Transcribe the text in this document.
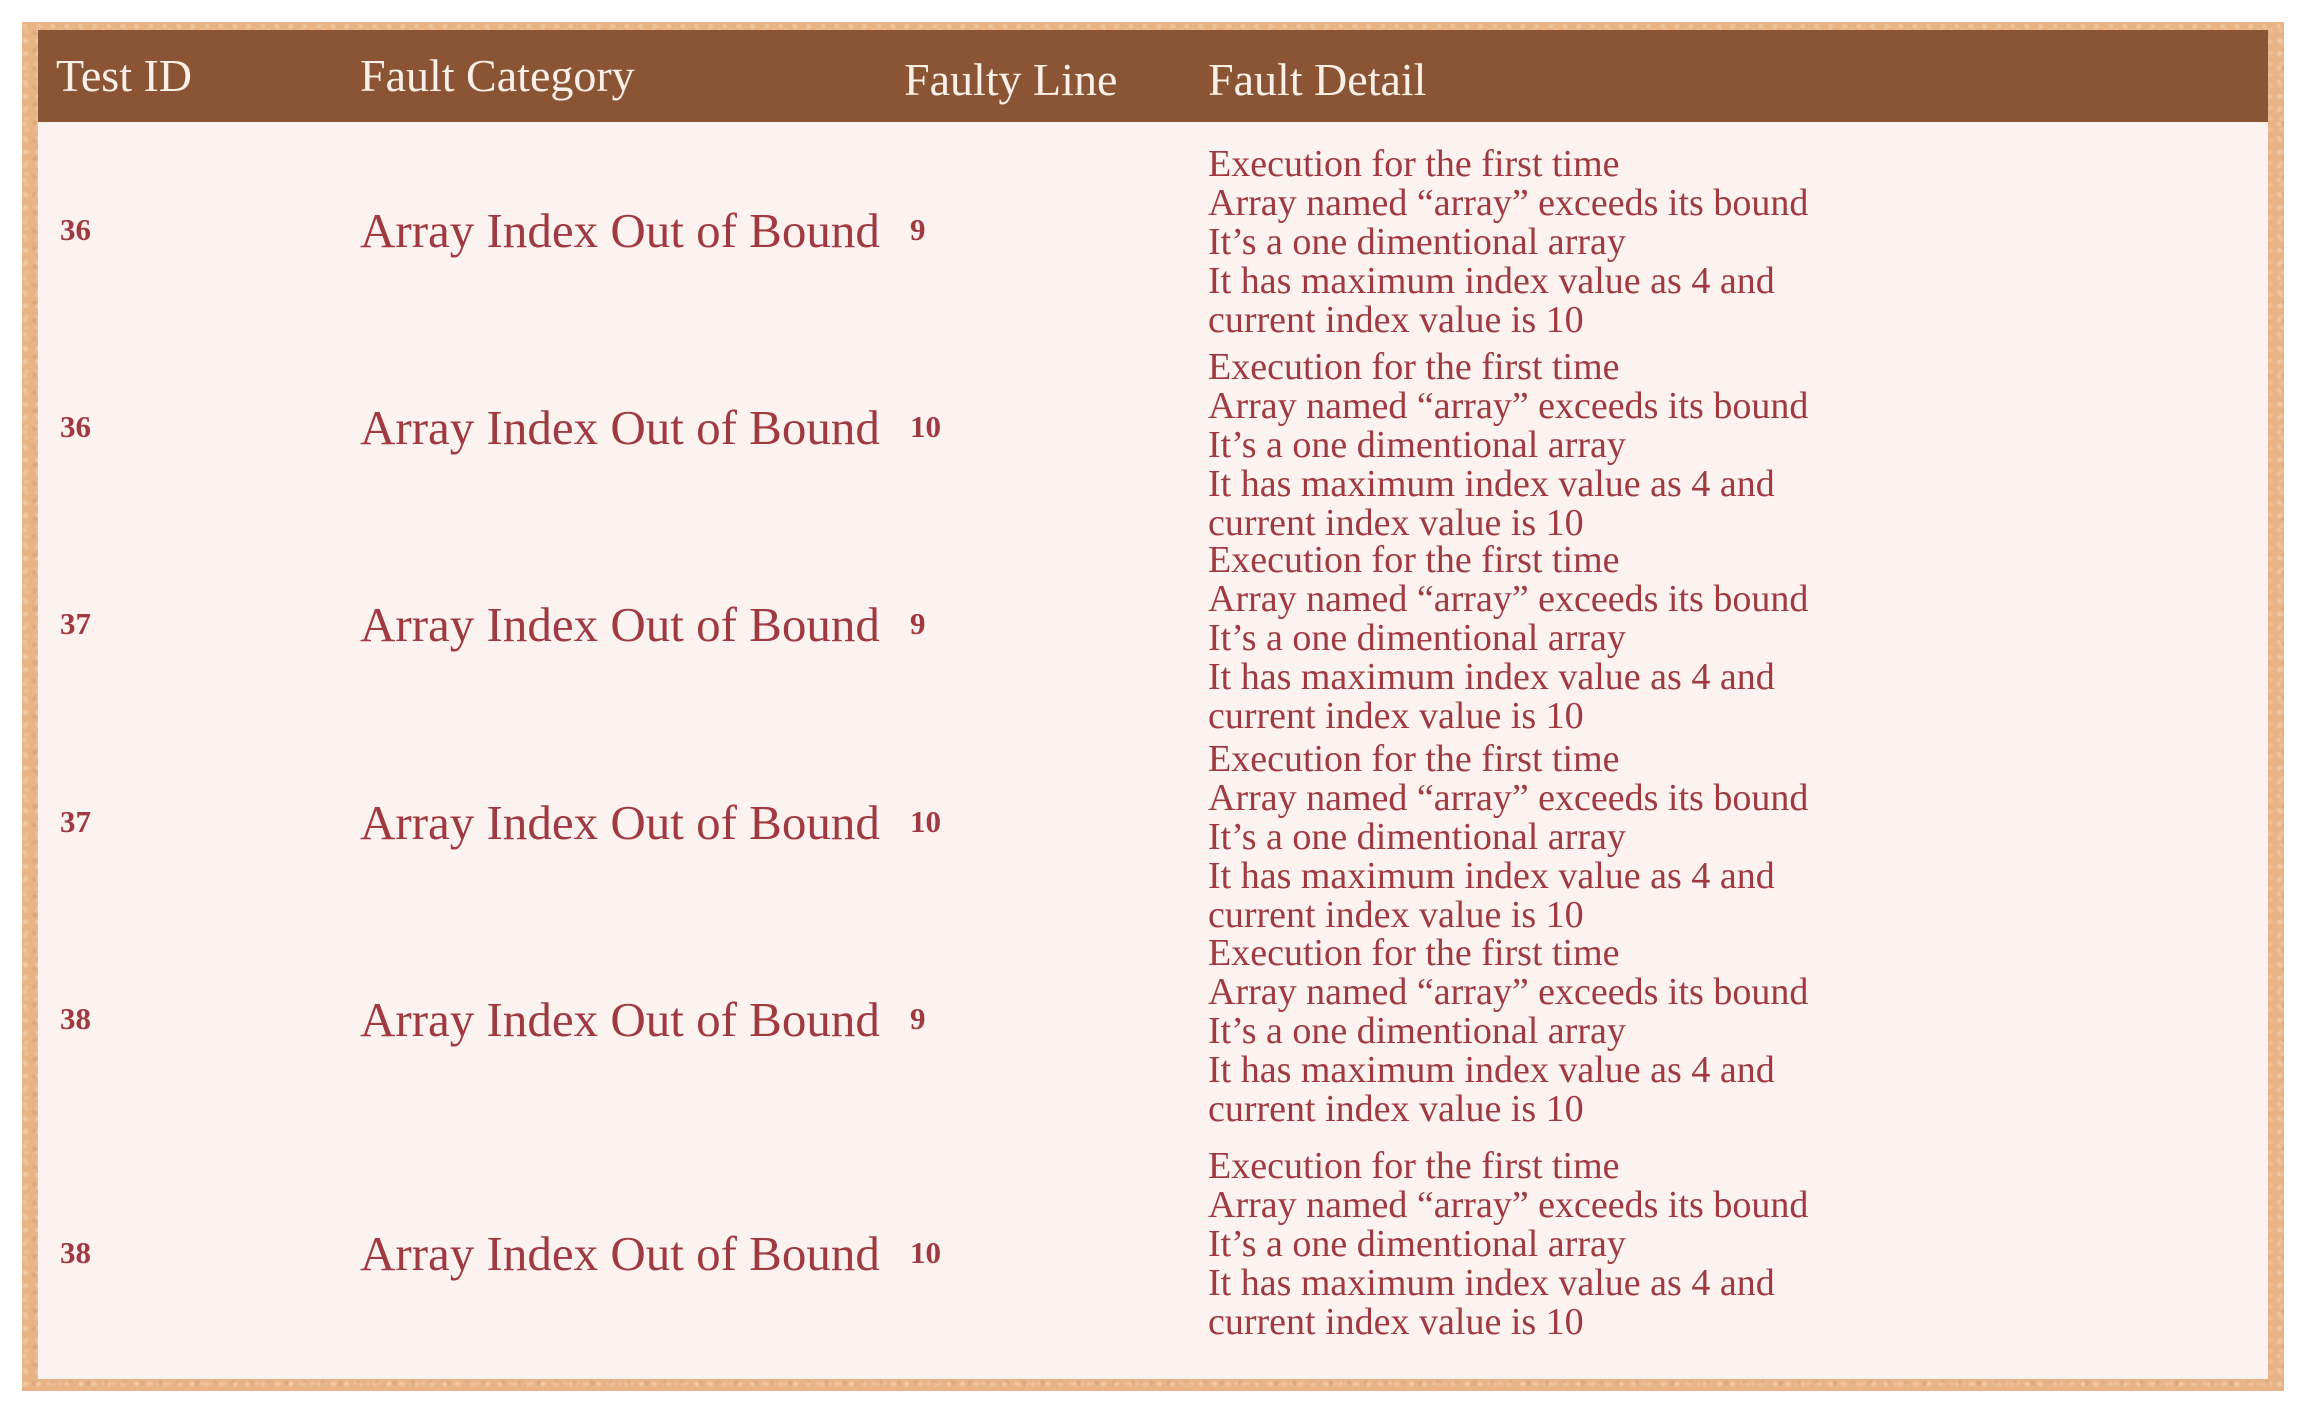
Test ID	Fault Category	Faulty Line Fault Detail
36	Array Index Out of Bound 9
Execution for the first time
Array named “array” exceeds its bound
It’s a one dimentional array
It has maximum index value as 4 and
current index value is 10
36	Array Index Out of Bound 10
Execution for the first time
Array named “array” exceeds its bound
It’s a one dimentional array
It has maximum index value as 4 and
current index value is 10
37	Array Index Out of Bound 9
Execution for the first time
Array named “array” exceeds its bound
It’s a one dimentional array
It has maximum index value as 4 and
current index value is 10
37	Array Index Out of Bound 10
Execution for the first time
Array named “array” exceeds its bound
It’s a one dimentional array
It has maximum index value as 4 and
current index value is 10
38	Array Index Out of Bound 9
Execution for the first time
Array named “array” exceeds its bound
It’s a one dimentional array
It has maximum index value as 4 and
current index value is 10
38	Array Index Out of Bound 10
Execution for the first time
Array named “array” exceeds its bound
It’s a one dimentional array
It has maximum index value as 4 and
current index value is 10
